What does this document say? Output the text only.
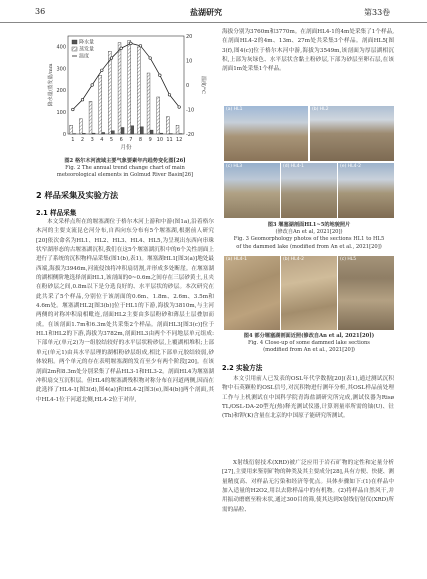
36	盐湖研究	第33卷
1 2 3 4 5 6 7 8 9 10 11 12
0
100
200
300
400
-20
-10
0
10
20
月份
降水量/蒸发量/mm	温度/°C
降水量
蒸发量
温度
图2 格尔木河流域主要气象要素年内趋势变化图[26]
Fig. 2 The annual trend change chart of main
meteorological elements in Golmud River Basin[26]
2 样品采集及实验方法
2.1 样品采集

本文采样点所在的堰塞湖位于格尔木河上游和中游(图1a),沿着格尔木河的主要支流昆仑河分布,自西向东分布有5个堰塞湖,根据前人研究[20]依次命名为HL1、HL2、HL3、HL4、HL5,为呈现出东西向串珠状窄湖形态的古堰塞湖沉积,我们在这5个堰塞湖沉积中的6个关性剖面上进行了系统的沉积物样品采集(图1(b),表1)。堰塞湖HL1[图3(a)]地处最西端,海拔为3946m,河流侵蚀将冲积扇切割,并形成多处断崖。在堰塞湖的湖相侧阶地选择剖面HL1,该剖面的0~0.6m之间存在三层砂黄土,且夹在粉砂层之间,0.8m以下是分选良好的、水平层状的砂层。本次研究在此共采了5个样品,分别位于该剖面的0.6m、1.8m、2.6m、3.5m和4.6m处。堰塞湖HL2[图3(b)]位于HL1的下游,海拔为3810m,与主河两侧的对称冲积扇相毗连,剖面HL2主要由多层粉砂和薄层土层叠加而成。在该剖面1.7m和6.3m处共采集2个样品。剖面HL3[图3(c)]位于HL1和HL2的下游,海拔为3782m,剖面HL3由两个不同地层单元组成:下部单元(单元2)为一组胶结较好的水平层状粉砂层,上覆湖相堆积;上部单元(单元1)由具水平层理的湖相粉砂层组成,相比下部单元胶结较弱,砂体较粗。两个单元的存在表明堰塞湖的发育至少有两个阶段[20]。在该剖面2m和8.3m处分别采集了样品HL3-1和HL3-2。剖面HL4为堰塞湖冲积扇交互沉积层。但HL4的堰塞湖残积物对称分布在河道两侧,因而在此选择了HL4-1[图3(d),图4(a)]和HL4-2[图3(e),图4(b)]两个剖面,其中HL4-1位于河道北侧,HL4-2位于对岸,

海拔分别为3760m和3770m。在剖面HL4-1的4m处采集了1个样品,在剖面HL4-2的4m、13m、27m处共采集3个样品。剖面HL5[图3(f),图4(c)]位于格尔木河中游,海拔为3549m,该剖面为厚层湖相沉积,上部为灰绿色、水平层状含黏土粉砂层,下部为砂层至卵石层,在该剖面1m处采集1个样品。

(a) HL1	(b) HL2
(c) HL3	(d) HL4-1	(e) HL4-2
图3 堰塞湖剖面HL1~5的地貌照片
(修改自An et al, 2021[20])
Fig. 3 Geomorphology photos of the sections HL1 to HL5
of the dammed lake (modified from An et al., 2021[20])
(a) HL4-1	(b) HL4-2	(c) HL5
图4 部分堰塞湖剖面近照(修改自An et al, 2021[20])
Fig. 4 Close-up of some dammed lake sections
(modified from An et al., 2021[20])
2.2 实验方法

本文引用前人已发表的OSL年代学数据[20](表1),通过测试沉积物中石英颗粒的OSL信号,对沉积物进行测年分析,其OSL样品前处理工作与上机测试在中国科学院青海盐湖研究所完成,测试仪器为Risø TL/OSL-DA-20型光(热)释光测试仪器,计算剂量率所需的铀(U)、钍(Th)和钾(K)含量在北京的中国原子能研究所测试。

X射线衍射技术(XRD)被广泛应用于岩石矿物的定性和定量分析[27],主要用来鉴别矿物的种类及其主要成分[28],具有方便、快捷、测量精度高、对样品无污染和经济等优点。具体步骤如下:(1)在样品中加入适量的H2O2,用以去除样品中的有机物。(2)将样品自然风干,并用振动磨磨至粉末状,通过300目的筛,使其达到X射线衍射仪(XRD)所需的晶粒、
